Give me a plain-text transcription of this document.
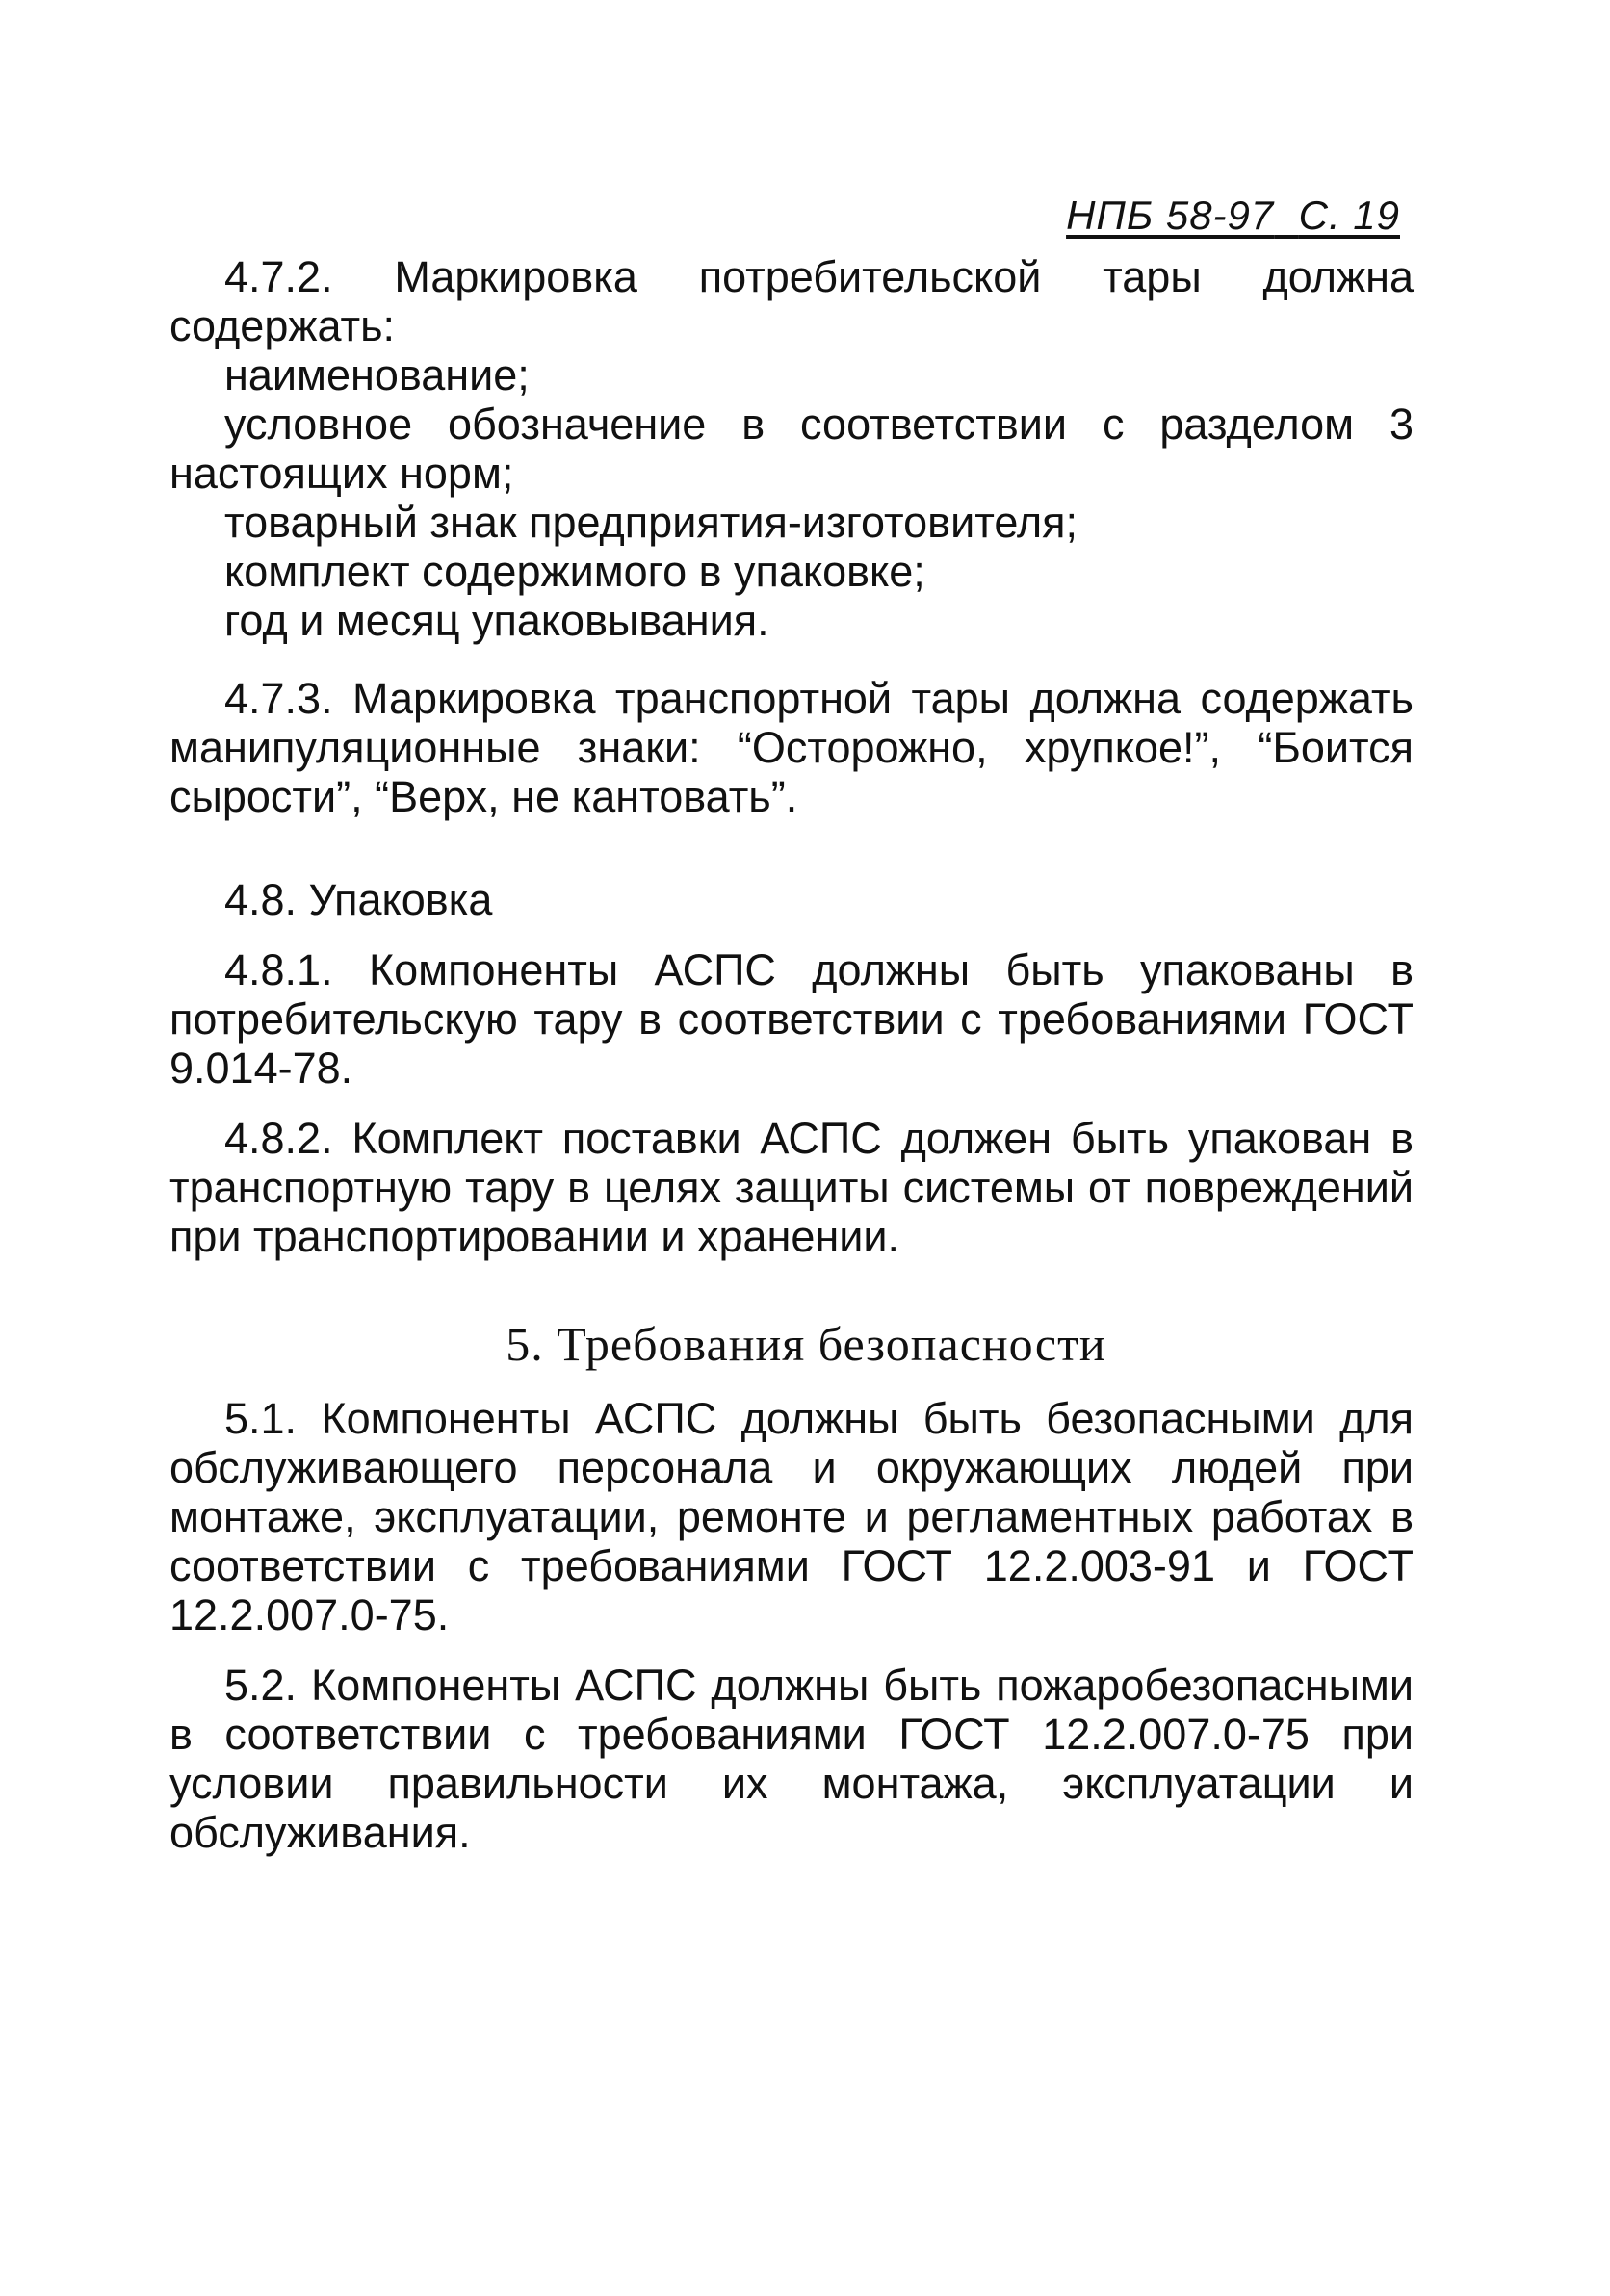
НПБ 58-97 С. 19

4.7.2. Маркировка потребительской тары должна содержать:

наименование;

условное обозначение в соответствии с разделом 3 настоящих норм;

товарный знак предприятия-изготовителя;

комплект содержимого в упаковке;

год и месяц упаковывания.

4.7.3. Маркировка транспортной тары должна содержать манипуляционные знаки: “Осторожно, хрупкое!”, “Боится сырости”, “Верх, не кантовать”.

4.8. Упаковка

4.8.1. Компоненты АСПС должны быть упакованы в потребительскую тару в соответствии с требованиями ГОСТ 9.014-78.

4.8.2. Комплект поставки АСПС должен быть упакован в транспортную тару в целях защиты системы от повреждений при транспортировании и хранении.

5. Требования безопасности

5.1. Компоненты АСПС должны быть безопасными для обслуживающего персонала и окружающих людей при монтаже, эксплуатации, ремонте и регламентных работах в соответствии с требованиями ГОСТ 12.2.003-91 и ГОСТ 12.2.007.0-75.

5.2. Компоненты АСПС должны быть пожаробезопасными в соответствии с требованиями ГОСТ 12.2.007.0-75 при условии правильности их монтажа, эксплуатации и обслуживания.
